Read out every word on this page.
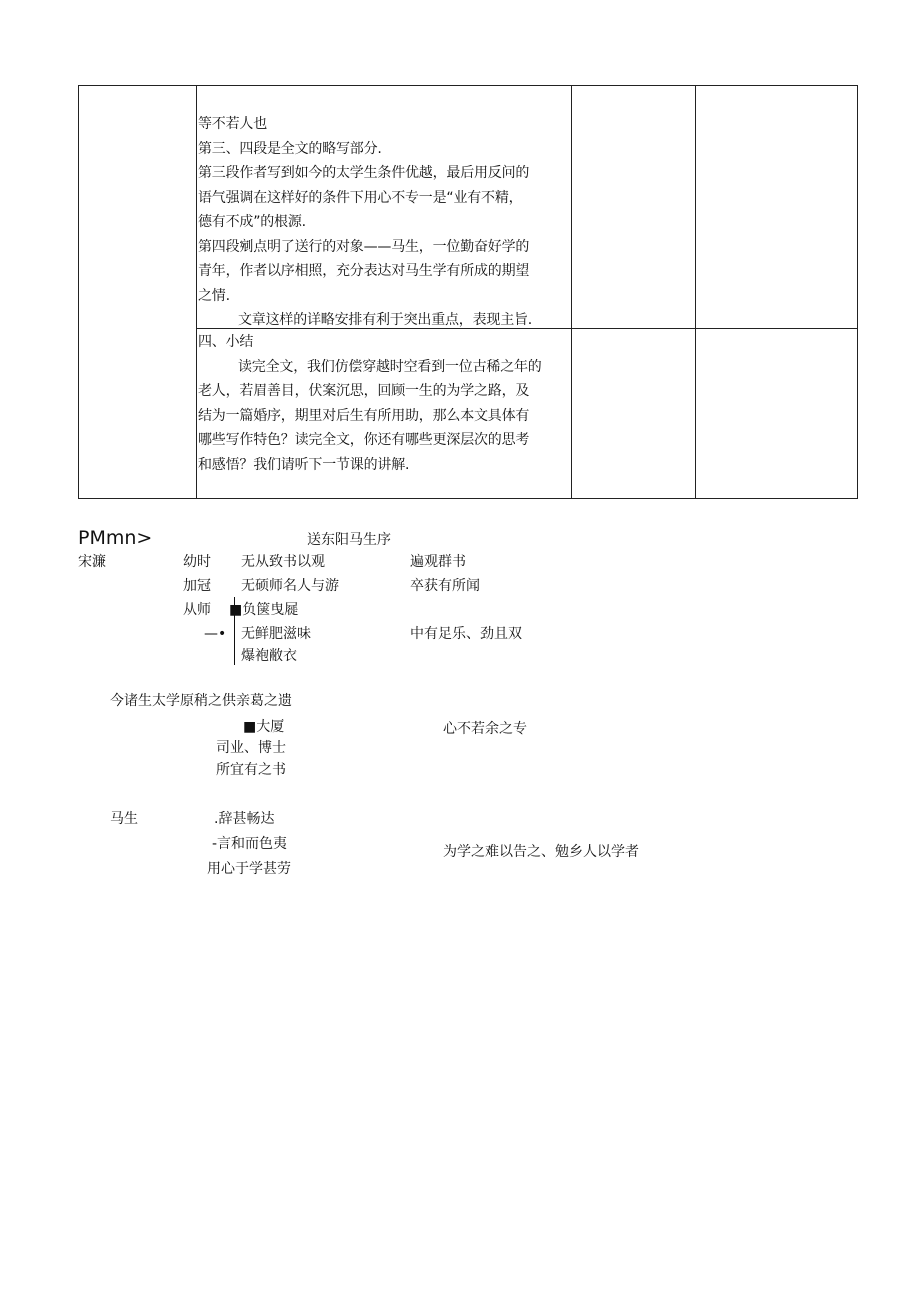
等不若人也

第三、四段是全文的略写部分.

第三段作者写到如今的太学生条件优越，最后用反问的

语气强调在这样好的条件下用心不专一是“业有不精，

德有不成”的根源.

第四段剜点明了送行的对象——马生，一位勤奋好学的

青年，作者以序相照，充分表达对马生学有所成的期望

之情.

文章这样的详略安排有利于突出重点，表现主旨.

四、小结

读完全文，我们仿偿穿越时空看到一位古稀之年的

老人，若眉善目，伏案沉思，回顾一生的为学之路，及

结为一篇婚序，期里对后生有所用助，那么本文具体有

哪些写作特色？读完全文，你还有哪些更深层次的思考

和感悟？我们请听下一节课的讲解.

PMmn>	送东阳马生序
宋濂	幼时 无从致书以观	遍观群书
加冠 无硕师名人与游	卒获有所闻
从师 ■负箧曳屣
—• 无鲜肥滋味	中有足乐、劲且双
爆袍敝衣
今诸生太学原稍之供亲葛之遗
■大厦	心不若余之专
司业、博士
所宜有之书
马生	.辞甚畅达
-言和而色夷	为学之难以告之、勉乡人以学者
用心于学甚劳
